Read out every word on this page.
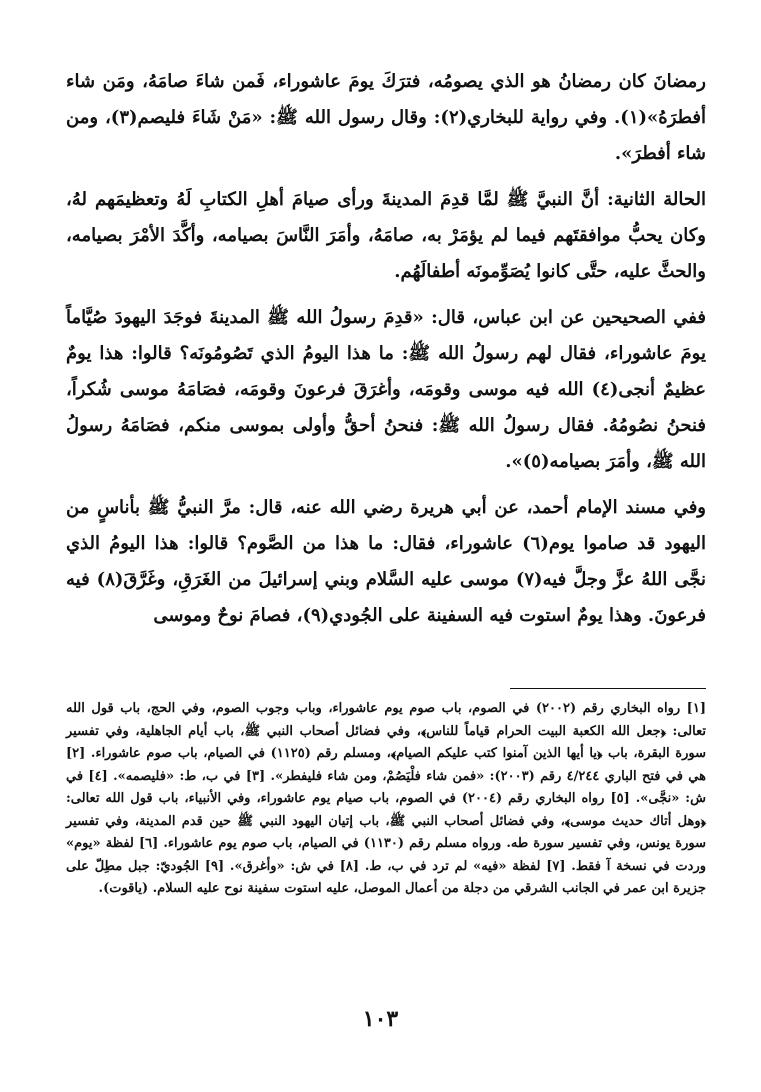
رمضانَ كان رمضانُ هو الذي يصومُه، فترَكَ يومَ عاشوراء، فَمن شاءَ صامَهُ، ومَن شاء أفطرَهُ»(١). وفي رواية للبخاري(٢): وقال رسول الله ﷺ: «مَنْ شَاءَ فليصم(٣)، ومن شاء أفطرَ».

الحالة الثانية: أنَّ النبيَّ ﷺ لمَّا قدِمَ المدينةَ ورأى صيامَ أهلِ الكتابِ لَهُ وتعظيمَهم لهُ، وكان يحبُّ موافقتَهم فيما لم يؤمَرْ به، صامَهُ، وأمَرَ النَّاسَ بصيامه، وأكَّدَ الأمْرَ بصيامه، والحثَّ عليه، حتَّى كانوا يُصَوِّمونَه أطفالَهُم.

ففي الصحيحين عن ابن عباس، قال: «قدِمَ رسولُ الله ﷺ المدينةَ فوجَدَ اليهودَ صُيَّاماً يومَ عاشوراء، فقال لهم رسولُ الله ﷺ: ما هذا اليومُ الذي تَصُومُونَه؟ قالوا: هذا يومٌ عظيمٌ أنجى(٤) الله فيه موسى وقومَه، وأغرَقَ فرعونَ وقومَه، فصَامَهُ موسى شُكراً، فنحنُ نصُومُهُ. فقال رسولُ الله ﷺ: فنحنُ أحقُّ وأولى بموسى منكم، فصَامَهُ رسولُ الله ﷺ، وأمَرَ بصيامه(٥)».

وفي مسند الإمام أحمد، عن أبي هريرة رضي الله عنه، قال: مرَّ النبيُّ ﷺ بأناسٍ من اليهود قد صاموا يوم(٦) عاشوراء، فقال: ما هذا من الصَّوم؟ قالوا: هذا اليومُ الذي نجَّى اللهُ عزَّ وجلَّ فيه(٧) موسى عليه السَّلام وبني إسرائيلَ من الغَرَقِ، وغَرَّقَ(٨) فيه فرعونَ. وهذا يومٌ استوت فيه السفينة على الجُودي(٩)، فصامَ نوحٌ وموسى

[١] رواه البخاري رقم (٢٠٠٢) في الصوم، باب صوم يوم عاشوراء، وباب وجوب الصوم، وفي الحج، باب قول الله تعالى: ﴿جعل الله الكعبة البيت الحرام قياماً للناس﴾، وفي فضائل أصحاب النبي ﷺ، باب أيام الجاهلية، وفي تفسير سورة البقرة، باب ﴿يا أيها الذين آمنوا كتب عليكم الصيام﴾، ومسلم رقم (١١٢٥) في الصيام، باب صوم عاشوراء. [٢] هي في فتح الباري ٤/٢٤٤ رقم (٢٠٠٣): «فمن شاء فلْيَصُمْ، ومن شاء فليفطر». [٣] في ب، ط: «فليصمه». [٤] في ش: «نجَّى». [٥] رواه البخاري رقم (٢٠٠٤) في الصوم، باب صيام يوم عاشوراء، وفي الأنبياء، باب قول الله تعالى: ﴿وهل أتاك حديث موسى﴾، وفي فضائل أصحاب النبي ﷺ، باب إتيان اليهود النبي ﷺ حين قدم المدينة، وفي تفسير سورة يونس، وفي تفسير سورة طه. ورواه مسلم رقم (١١٣٠) في الصيام، باب صوم يوم عاشوراء. [٦] لفظة «يوم» وردت في نسخة آ فقط. [٧] لفظة «فيه» لم ترد في ب، ط. [٨] في ش: «وأغرق». [٩] الجُوديّ: جبل مطِلّ على جزيرة ابن عمر في الجانب الشرقي من دجلة من أعمال الموصل، عليه استوت سفينة نوح عليه السلام. (ياقوت).

١٠٣
